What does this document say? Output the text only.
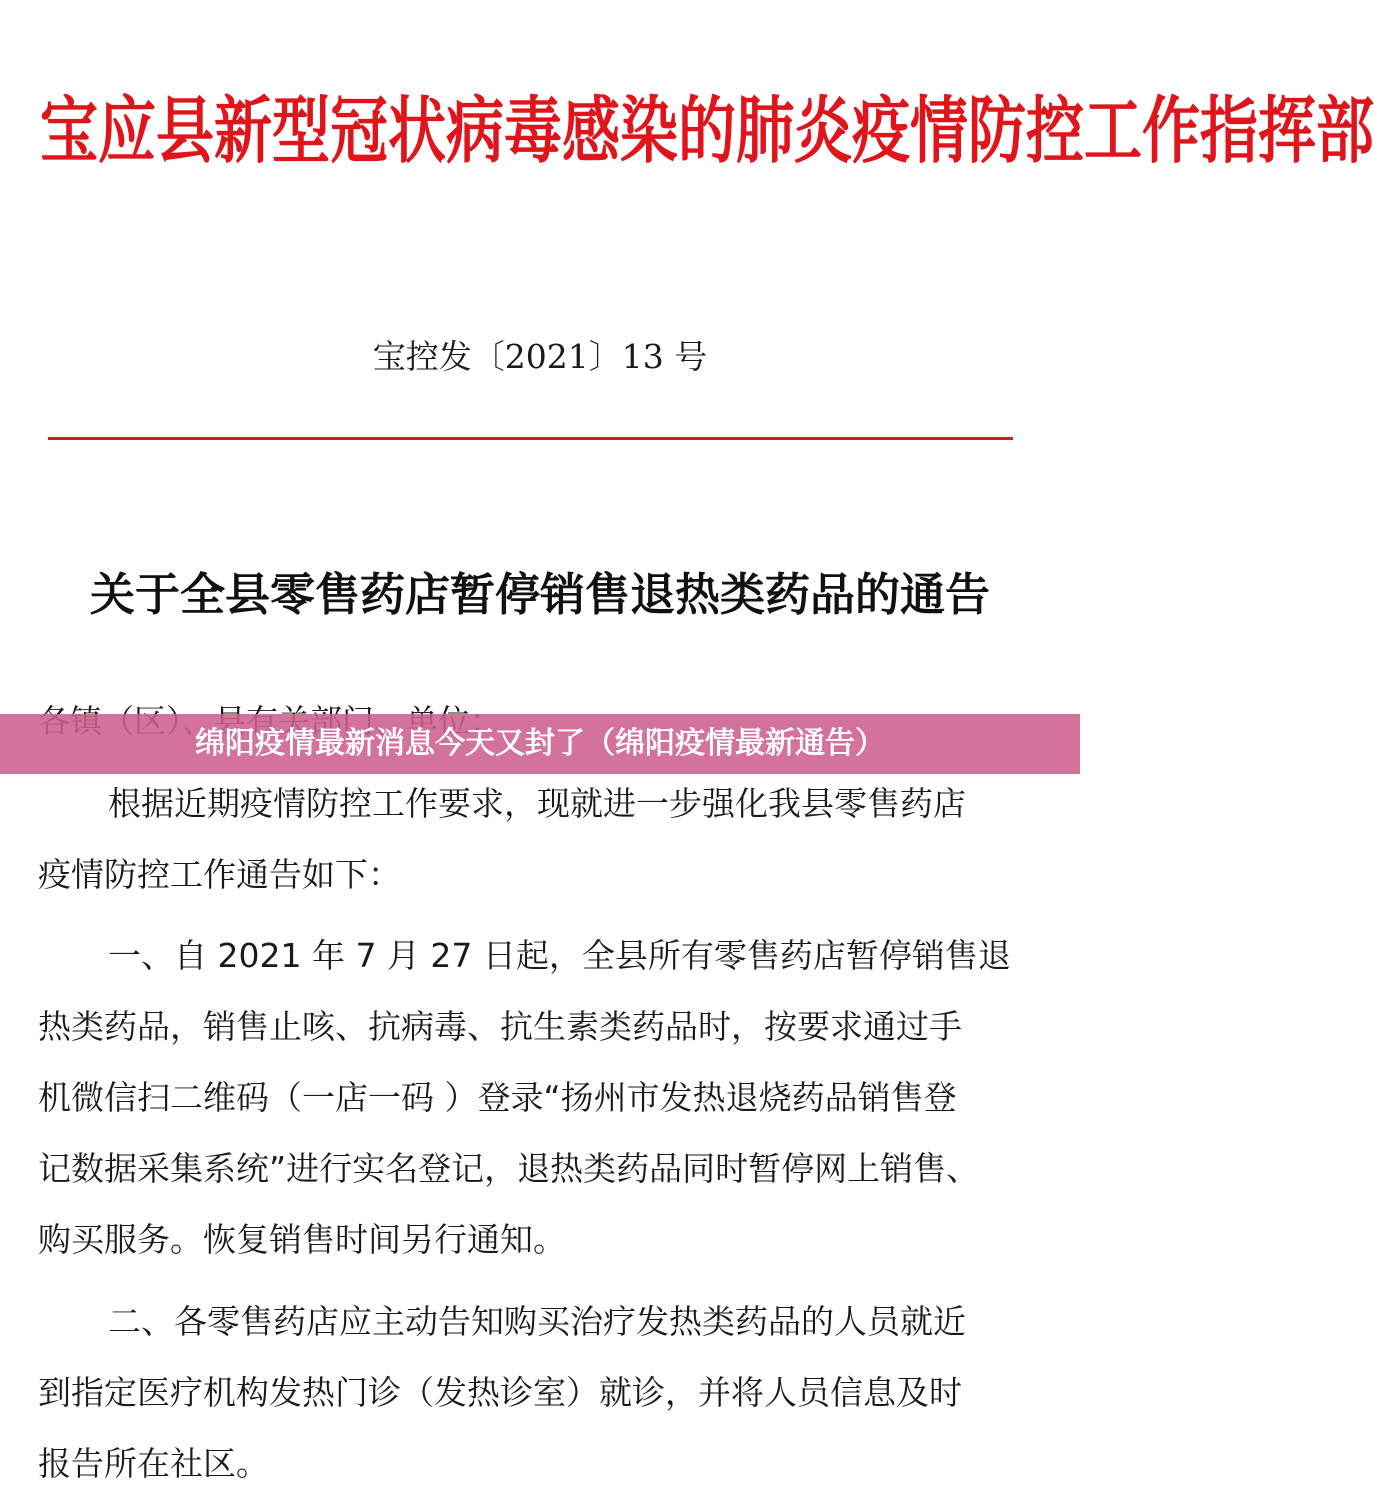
宝应县新型冠状病毒感染的肺炎疫情防控工作指挥部
宝控发〔2021〕13 号
关于全县零售药店暂停销售退热类药品的通告
根据近期疫情防控工作要求，现就进一步强化我县零售药店
疫情防控工作通告如下：
一、自 2021 年 7 月 27 日起，全县所有零售药店暂停销售退
热类药品，销售止咳、抗病毒、抗生素类药品时，按要求通过手
机微信扫二维码（一店一码 ）登录“扬州市发热退烧药品销售登
记数据采集系统”进行实名登记，退热类药品同时暂停网上销售、
购买服务。恢复销售时间另行通知。
二、各零售药店应主动告知购买治疗发热类药品的人员就近
到指定医疗机构发热门诊（发热诊室）就诊，并将人员信息及时
报告所在社区。
绵阳疫情最新消息今天又封了（绵阳疫情最新通告）
